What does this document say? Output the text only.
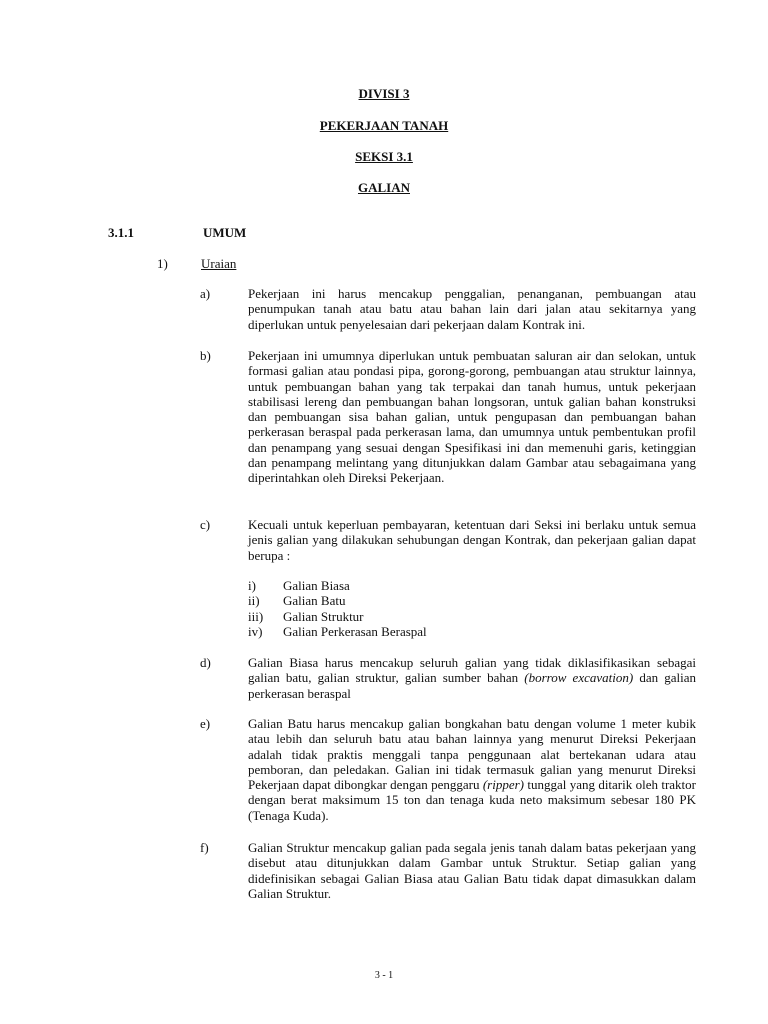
DIVISI 3
PEKERJAAN TANAH
SEKSI 3.1
GALIAN
3.1.1	UMUM
1)	Uraian
a)	Pekerjaan ini harus mencakup penggalian, penanganan, pembuangan atau penumpukan tanah atau batu atau bahan lain dari jalan atau sekitarnya yang diperlukan untuk penyelesaian dari pekerjaan dalam Kontrak ini.
b)	Pekerjaan ini umumnya diperlukan untuk pembuatan saluran air dan selokan, untuk formasi galian atau pondasi pipa, gorong-gorong, pembuangan atau struktur lainnya, untuk pembuangan bahan yang tak terpakai dan tanah humus, untuk pekerjaan stabilisasi lereng dan pembuangan bahan longsoran, untuk galian bahan konstruksi dan pembuangan sisa bahan galian, untuk pengupasan dan pembuangan bahan perkerasan beraspal pada perkerasan lama, dan umumnya untuk pembentukan profil dan penampang yang sesuai dengan Spesifikasi ini dan memenuhi garis, ketinggian dan penampang melintang yang ditunjukkan dalam Gambar atau sebagaimana yang diperintahkan oleh Direksi Pekerjaan.
c)	Kecuali untuk keperluan pembayaran, ketentuan dari Seksi ini berlaku untuk semua jenis galian yang dilakukan sehubungan dengan Kontrak, dan pekerjaan galian dapat berupa :
i) Galian Biasa
ii) Galian Batu
iii) Galian Struktur
iv) Galian Perkerasan Beraspal
d)	Galian Biasa harus mencakup seluruh galian yang tidak diklasifikasikan sebagai galian batu, galian struktur, galian sumber bahan (borrow excavation) dan galian perkerasan beraspal
e)	Galian Batu harus mencakup galian bongkahan batu dengan volume 1 meter kubik atau lebih dan seluruh batu atau bahan lainnya yang menurut Direksi Pekerjaan adalah tidak praktis menggali tanpa penggunaan alat bertekanan udara atau pemboran, dan peledakan. Galian ini tidak termasuk galian yang menurut Direksi Pekerjaan dapat dibongkar dengan penggaru (ripper) tunggal yang ditarik oleh traktor dengan berat maksimum 15 ton dan tenaga kuda neto maksimum sebesar 180 PK (Tenaga Kuda).
f)	Galian Struktur mencakup galian pada segala jenis tanah dalam batas pekerjaan yang disebut atau ditunjukkan dalam Gambar untuk Struktur. Setiap galian yang didefinisikan sebagai Galian Biasa atau Galian Batu tidak dapat dimasukkan dalam Galian Struktur.
3 - 1
